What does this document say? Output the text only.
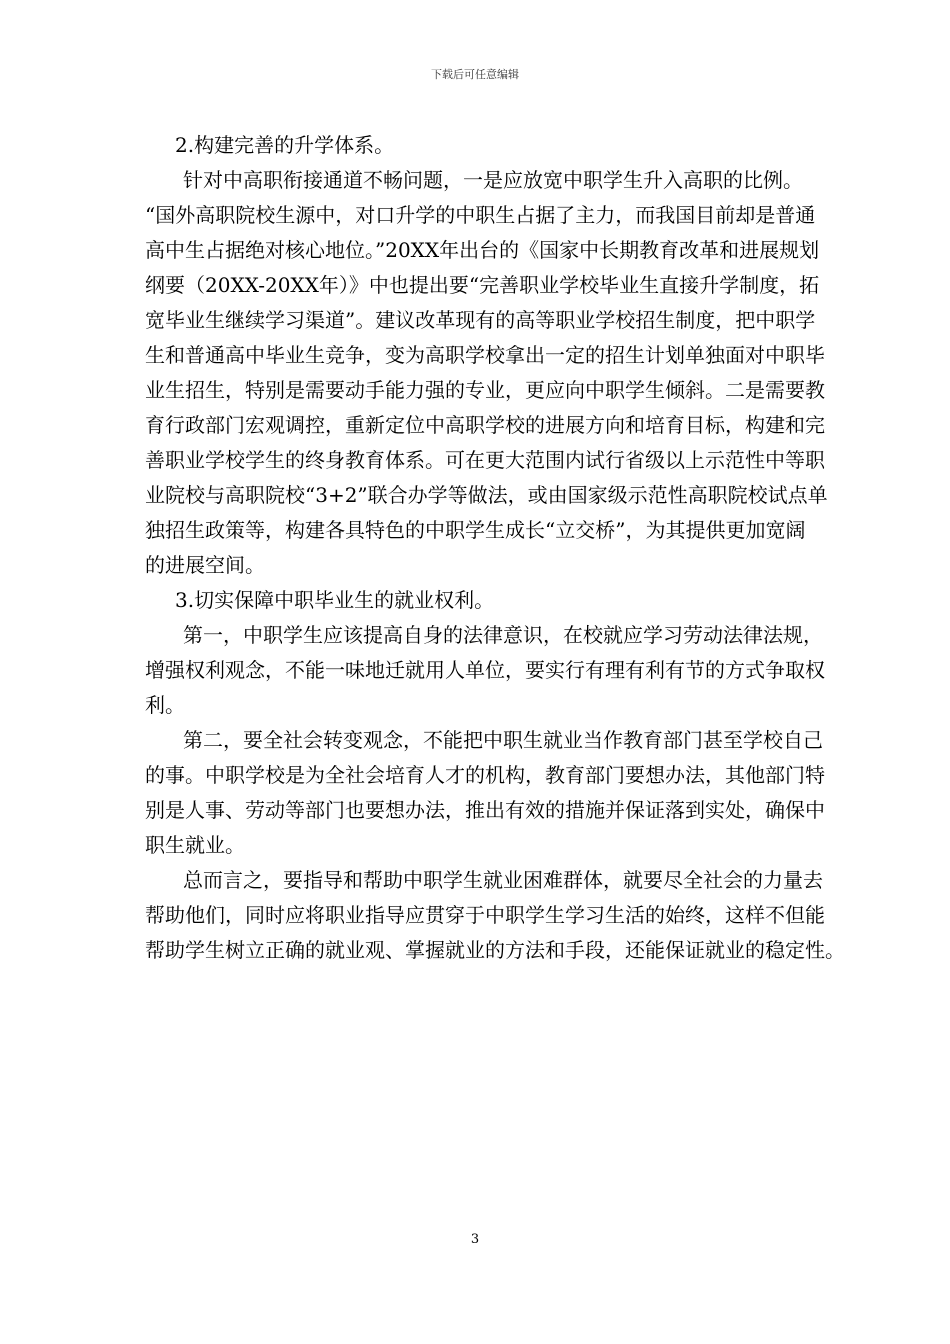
下载后可任意编辑

2.构建完善的升学体系。

针对中高职衔接通道不畅问题，一是应放宽中职学生升入高职的比例。

“国外高职院校生源中，对口升学的中职生占据了主力，而我国目前却是普通

高中生占据绝对核心地位。”20XX年出台的《国家中长期教育改革和进展规划

纲要（20XX-20XX年）》中也提出要“完善职业学校毕业生直接升学制度，拓

宽毕业生继续学习渠道”。建议改革现有的高等职业学校招生制度，把中职学

生和普通高中毕业生竞争，变为高职学校拿出一定的招生计划单独面对中职毕

业生招生，特别是需要动手能力强的专业，更应向中职学生倾斜。二是需要教

育行政部门宏观调控，重新定位中高职学校的进展方向和培育目标，构建和完

善职业学校学生的终身教育体系。可在更大范围内试行省级以上示范性中等职

业院校与高职院校“3+2”联合办学等做法，或由国家级示范性高职院校试点单

独招生政策等，构建各具特色的中职学生成长“立交桥”，为其提供更加宽阔

的进展空间。

3.切实保障中职毕业生的就业权利。

第一，中职学生应该提高自身的法律意识，在校就应学习劳动法律法规，

增强权利观念，不能一味地迁就用人单位，要实行有理有利有节的方式争取权

利。

第二，要全社会转变观念，不能把中职生就业当作教育部门甚至学校自己

的事。中职学校是为全社会培育人才的机构，教育部门要想办法，其他部门特

别是人事、劳动等部门也要想办法，推出有效的措施并保证落到实处，确保中

职生就业。

总而言之，要指导和帮助中职学生就业困难群体，就要尽全社会的力量去

帮助他们，同时应将职业指导应贯穿于中职学生学习生活的始终，这样不但能

帮助学生树立正确的就业观、掌握就业的方法和手段，还能保证就业的稳定性。

3
